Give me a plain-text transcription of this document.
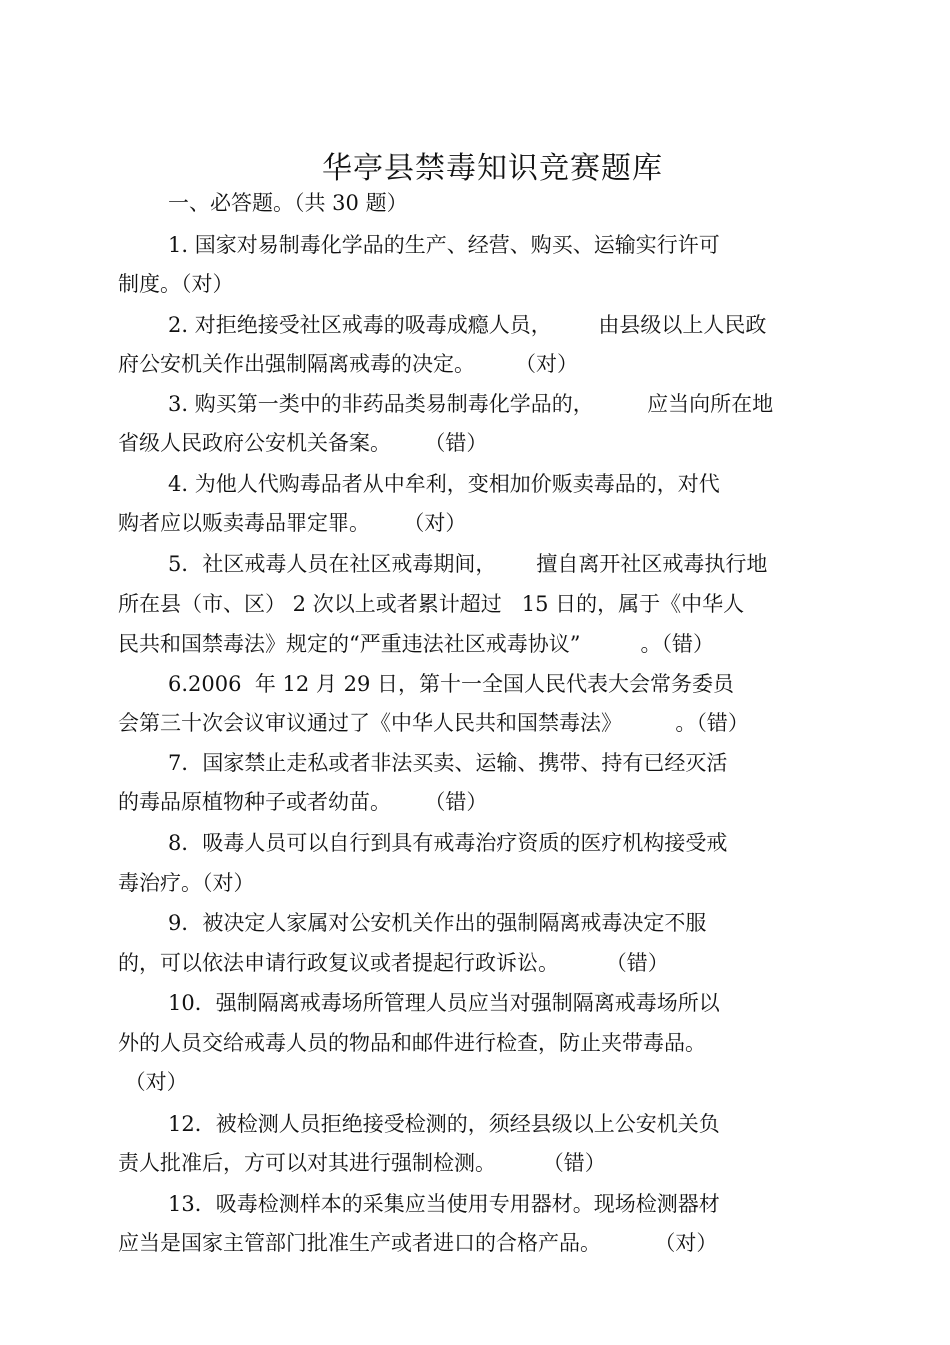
华亭县禁毒知识竞赛题库
一、必答题。（共 30 题）
1. 国家对易制毒化学品的生产、经营、购买、运输实行许可
制度。（对）
2. 对拒绝接受社区戒毒的吸毒成瘾人员，       由县级以上人民政
府公安机关作出强制隔离戒毒的决定。      （对）
3. 购买第一类中的非药品类易制毒化学品的，        应当向所在地
省级人民政府公安机关备案。     （错）
4. 为他人代购毒品者从中牟利，变相加价贩卖毒品的，对代
购者应以贩卖毒品罪定罪。     （对）
5．社区戒毒人员在社区戒毒期间，      擅自离开社区戒毒执行地
所在县（市、区） 2 次以上或者累计超过   15 日的，属于《中华人
民共和国禁毒法》规定的“严重违法社区戒毒协议”         。（错）
6.2006  年 12 月 29 日，第十一全国人民代表大会常务委员
会第三十次会议审议通过了《中华人民共和国禁毒法》        。（错）
7．国家禁止走私或者非法买卖、运输、携带、持有已经灭活
的毒品原植物种子或者幼苗。     （错）
8．吸毒人员可以自行到具有戒毒治疗资质的医疗机构接受戒
毒治疗。（对）
9．被决定人家属对公安机关作出的强制隔离戒毒决定不服
的，可以依法申请行政复议或者提起行政诉讼。       （错）
10．强制隔离戒毒场所管理人员应当对强制隔离戒毒场所以
外的人员交给戒毒人员的物品和邮件进行检查，防止夹带毒品。
（对）
12．被检测人员拒绝接受检测的，须经县级以上公安机关负
责人批准后，方可以对其进行强制检测。       （错）
13．吸毒检测样本的采集应当使用专用器材。现场检测器材
应当是国家主管部门批准生产或者进口的合格产品。        （对）
